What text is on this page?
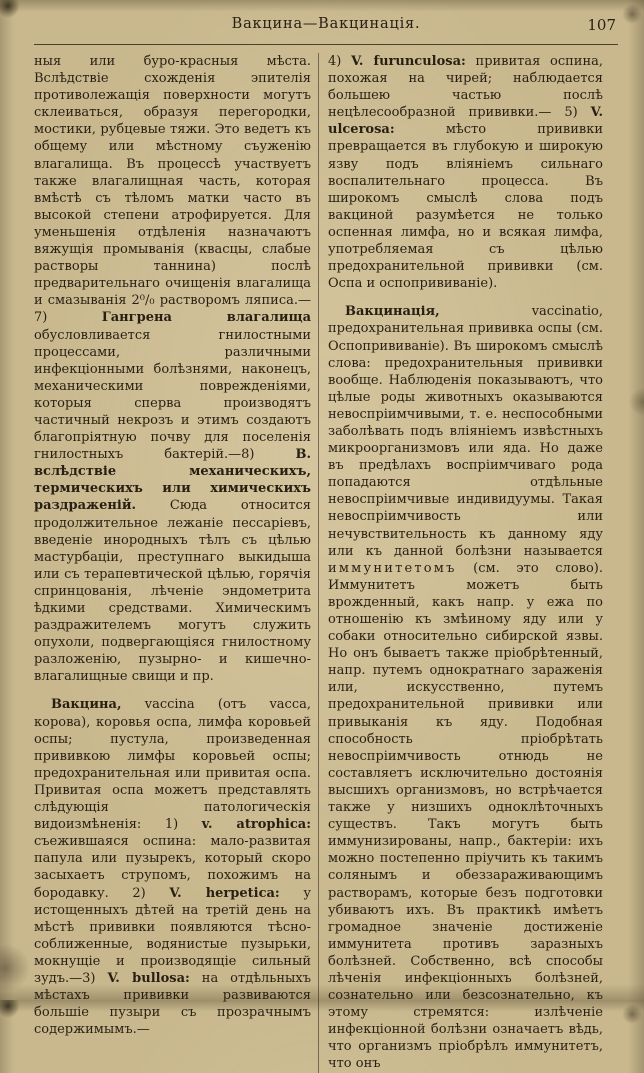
Вакцина—Вакцинація.	107

ныя или буро-красныя мѣста. Вслѣдствіе схожденія эпителія противолежащія поверхности могутъ склеиваться, образуя перегородки, мостики, рубцевые тяжи. Это ведетъ къ общему или мѣстному съуженію влагалища. Въ процессѣ участвуетъ также влагалищная часть, которая вмѣстѣ съ тѣломъ матки часто въ высокой степени атрофируется. Для уменьшенія отдѣленія назначаютъ вяжущія промыванія (квасцы, слабые растворы таннина) послѣ предварительнаго очищенія влагалища и смазыванія 2⁰/₀ растворомъ ляписа.— 7) Гангрена влагалища обусловливается гнилостными процессами, различными инфекціонными болѣзнями, наконецъ, механическими поврежденіями, которыя сперва производятъ частичный некрозъ и этимъ создаютъ благопріятную почву для поселенія гнилостныхъ бактерій.—8) В. вслѣдствіе механическихъ, термическихъ или химическихъ раздраженій. Сюда относится продолжительное лежаніе пессаріевъ, введеніе инородныхъ тѣлъ съ цѣлью мастурбаціи, преступнаго выкидыша или съ терапевтической цѣлью, горячія спринцованія, лѣченіе эндометрита ѣдкими средствами. Химическимъ раздражителемъ могутъ служить опухоли, подвергающіяся гнилостному разложенію, пузырно- и кишечно-влагалищные свищи и пр.

Вакцина, vaccina (отъ vacca, корова), коровья оспа, лимфа коровьей оспы; пустула, произведенная прививкою лимфы коровьей оспы; предохранительная или привитая оспа. Привитая оспа можетъ представлять слѣдующія патологическія видоизмѣненія: 1) v. atrophica: съежившаяся оспина: мало-развитая папула или пузырекъ, который скоро засыхаетъ струпомъ, похожимъ на бородавку. 2) V. herpetica: у истощенныхъ дѣтей на третій день на мѣстѣ прививки появляются тѣсно-соближенные, водянистые пузырьки, мокнущіе и производящіе сильный зудъ.—3) V. bullosa: на отдѣльныхъ мѣстахъ прививки развиваются большіе пузыри съ прозрачнымъ содержимымъ.—

4) V. furunculosa: привитая оспина, похожая на чирей; наблюдается большею частью послѣ нецѣлесообразной прививки.— 5) V. ulcerosa: мѣсто прививки превращается въ глубокую и широкую язву подъ вліяніемъ сильнаго воспалительнаго процесса. Въ широкомъ смыслѣ слова подъ вакциной разумѣется не только оспенная лимфа, но и всякая лимфа, употребляемая съ цѣлью предохранительной прививки (см. Оспа и оспопрививаніе).

Вакцинація, vaccinatio, предохранительная прививка оспы (см. Оспопрививаніе). Въ широкомъ смыслѣ слова: предохранительныя прививки вообще. Наблюденія показываютъ, что цѣлые роды животныхъ оказываются невоспріимчивыми, т. е. неспособными заболѣвать подъ вліяніемъ извѣстныхъ микроорганизмовъ или яда. Но даже въ предѣлахъ воспріимчиваго рода попадаются отдѣльные невоспріимчивые индивидуумы. Такая невоспріимчивость или нечувствительность къ данному яду или къ данной болѣзни называется иммунитетомъ (см. это слово). Иммунитетъ можетъ быть врожденный, какъ напр. у ежа по отношенію къ змѣиному яду или у собаки относительно сибирской язвы. Но онъ бываетъ также пріобрѣтенный, напр. путемъ однократнаго зараженія или, искусственно, путемъ предохранительной прививки или привыканія къ яду. Подобная способность пріобрѣтать невоспріимчивость отнюдь не составляетъ исключительно достоянія высшихъ организмовъ, но встрѣчается также у низшихъ одноклѣточныхъ существъ. Такъ могутъ быть иммунизированы, напр., бактеріи: ихъ можно постепенно пріучить къ такимъ солянымъ и обеззараживающимъ растворамъ, которые безъ подготовки убиваютъ ихъ. Въ практикѣ имѣетъ громадное значеніе достиженіе иммунитета противъ заразныхъ болѣзней. Собственно, всѣ способы лѣченія инфекціонныхъ болѣзней, сознательно или безсознательно, къ этому стремятся: излѣченіе инфекціонной болѣзни означаетъ вѣдь, что организмъ пріобрѣлъ иммунитетъ, что онъ
